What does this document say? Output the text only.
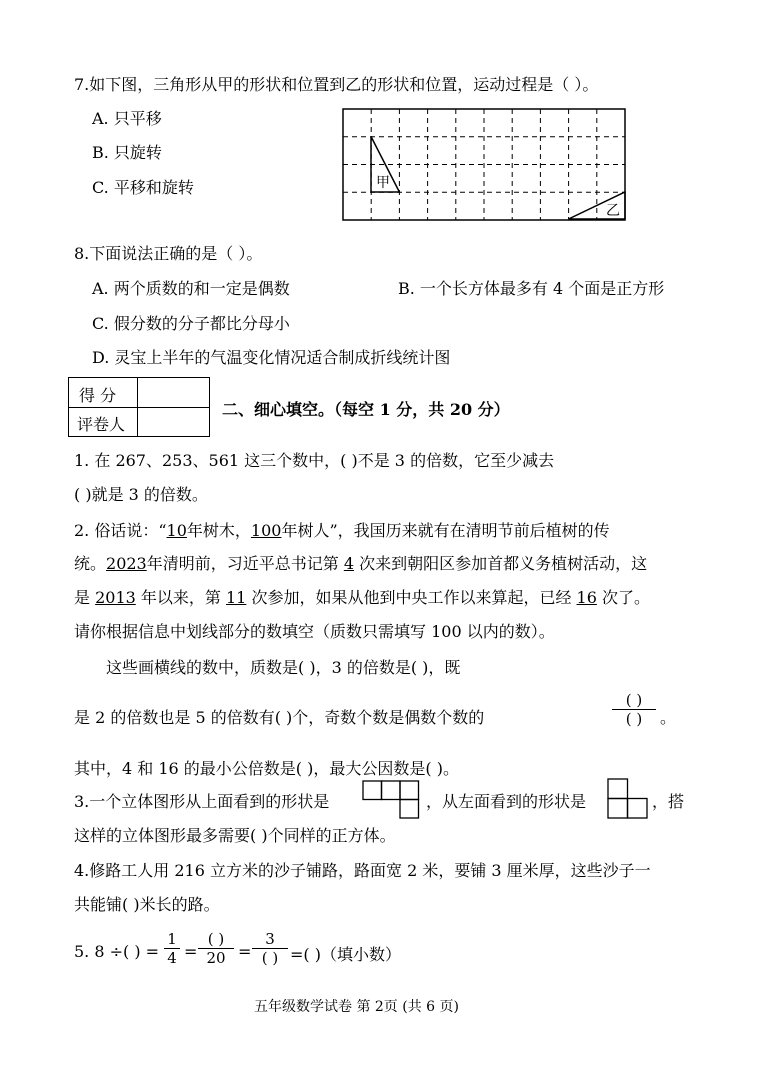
7.如下图，三角形从甲的形状和位置到乙的形状和位置，运动过程是（ ）。
A. 只平移
B. 只旋转
C. 平移和旋转	甲
乙
8.下面说法正确的是（ ）。
A. 两个质数的和一定是偶数	B. 一个长方体最多有 4 个面是正方形
C. 假分数的分子都比分母小
D. 灵宝上半年的气温变化情况适合制成折线统计图
得 分
评卷人
二、细心填空。（每空 1 分，共 20 分）
1. 在 267、253、561 这三个数中，( )不是 3 的倍数，它至少减去
( )就是 3 的倍数。
2. 俗话说：“10年树木，100年树人”，我国历来就有在清明节前后植树的传
统。2023年清明前，习近平总书记第 4 次来到朝阳区参加首都义务植树活动，这
是 2013 年以来，第 11 次参加，如果从他到中央工作以来算起，已经 16 次了。
请你根据信息中划线部分的数填空（质数只需填写 100 以内的数）。
这些画横线的数中，质数是( )，3 的倍数是( )，既
是 2 的倍数也是 5 的倍数有( )个，奇数个数是偶数个数的
( )
( ) 。
其中，4 和 16 的最小公倍数是( )，最大公因数是( )。
3.一个立体图形从上面看到的形状是	，从左面看到的形状是	，搭
这样的立体图形最多需要( )个同样的正方体。
4.修路工人用 216 立方米的沙子铺路，路面宽 2 米，要铺 3 厘米厚，这些沙子一
共能铺( )米长的路。
5. 8 ÷( ) =
1
4 =
( )
20 =
3
( ) =( )（填小数）
五年级数学试卷 第 2页 (共 6 页)
